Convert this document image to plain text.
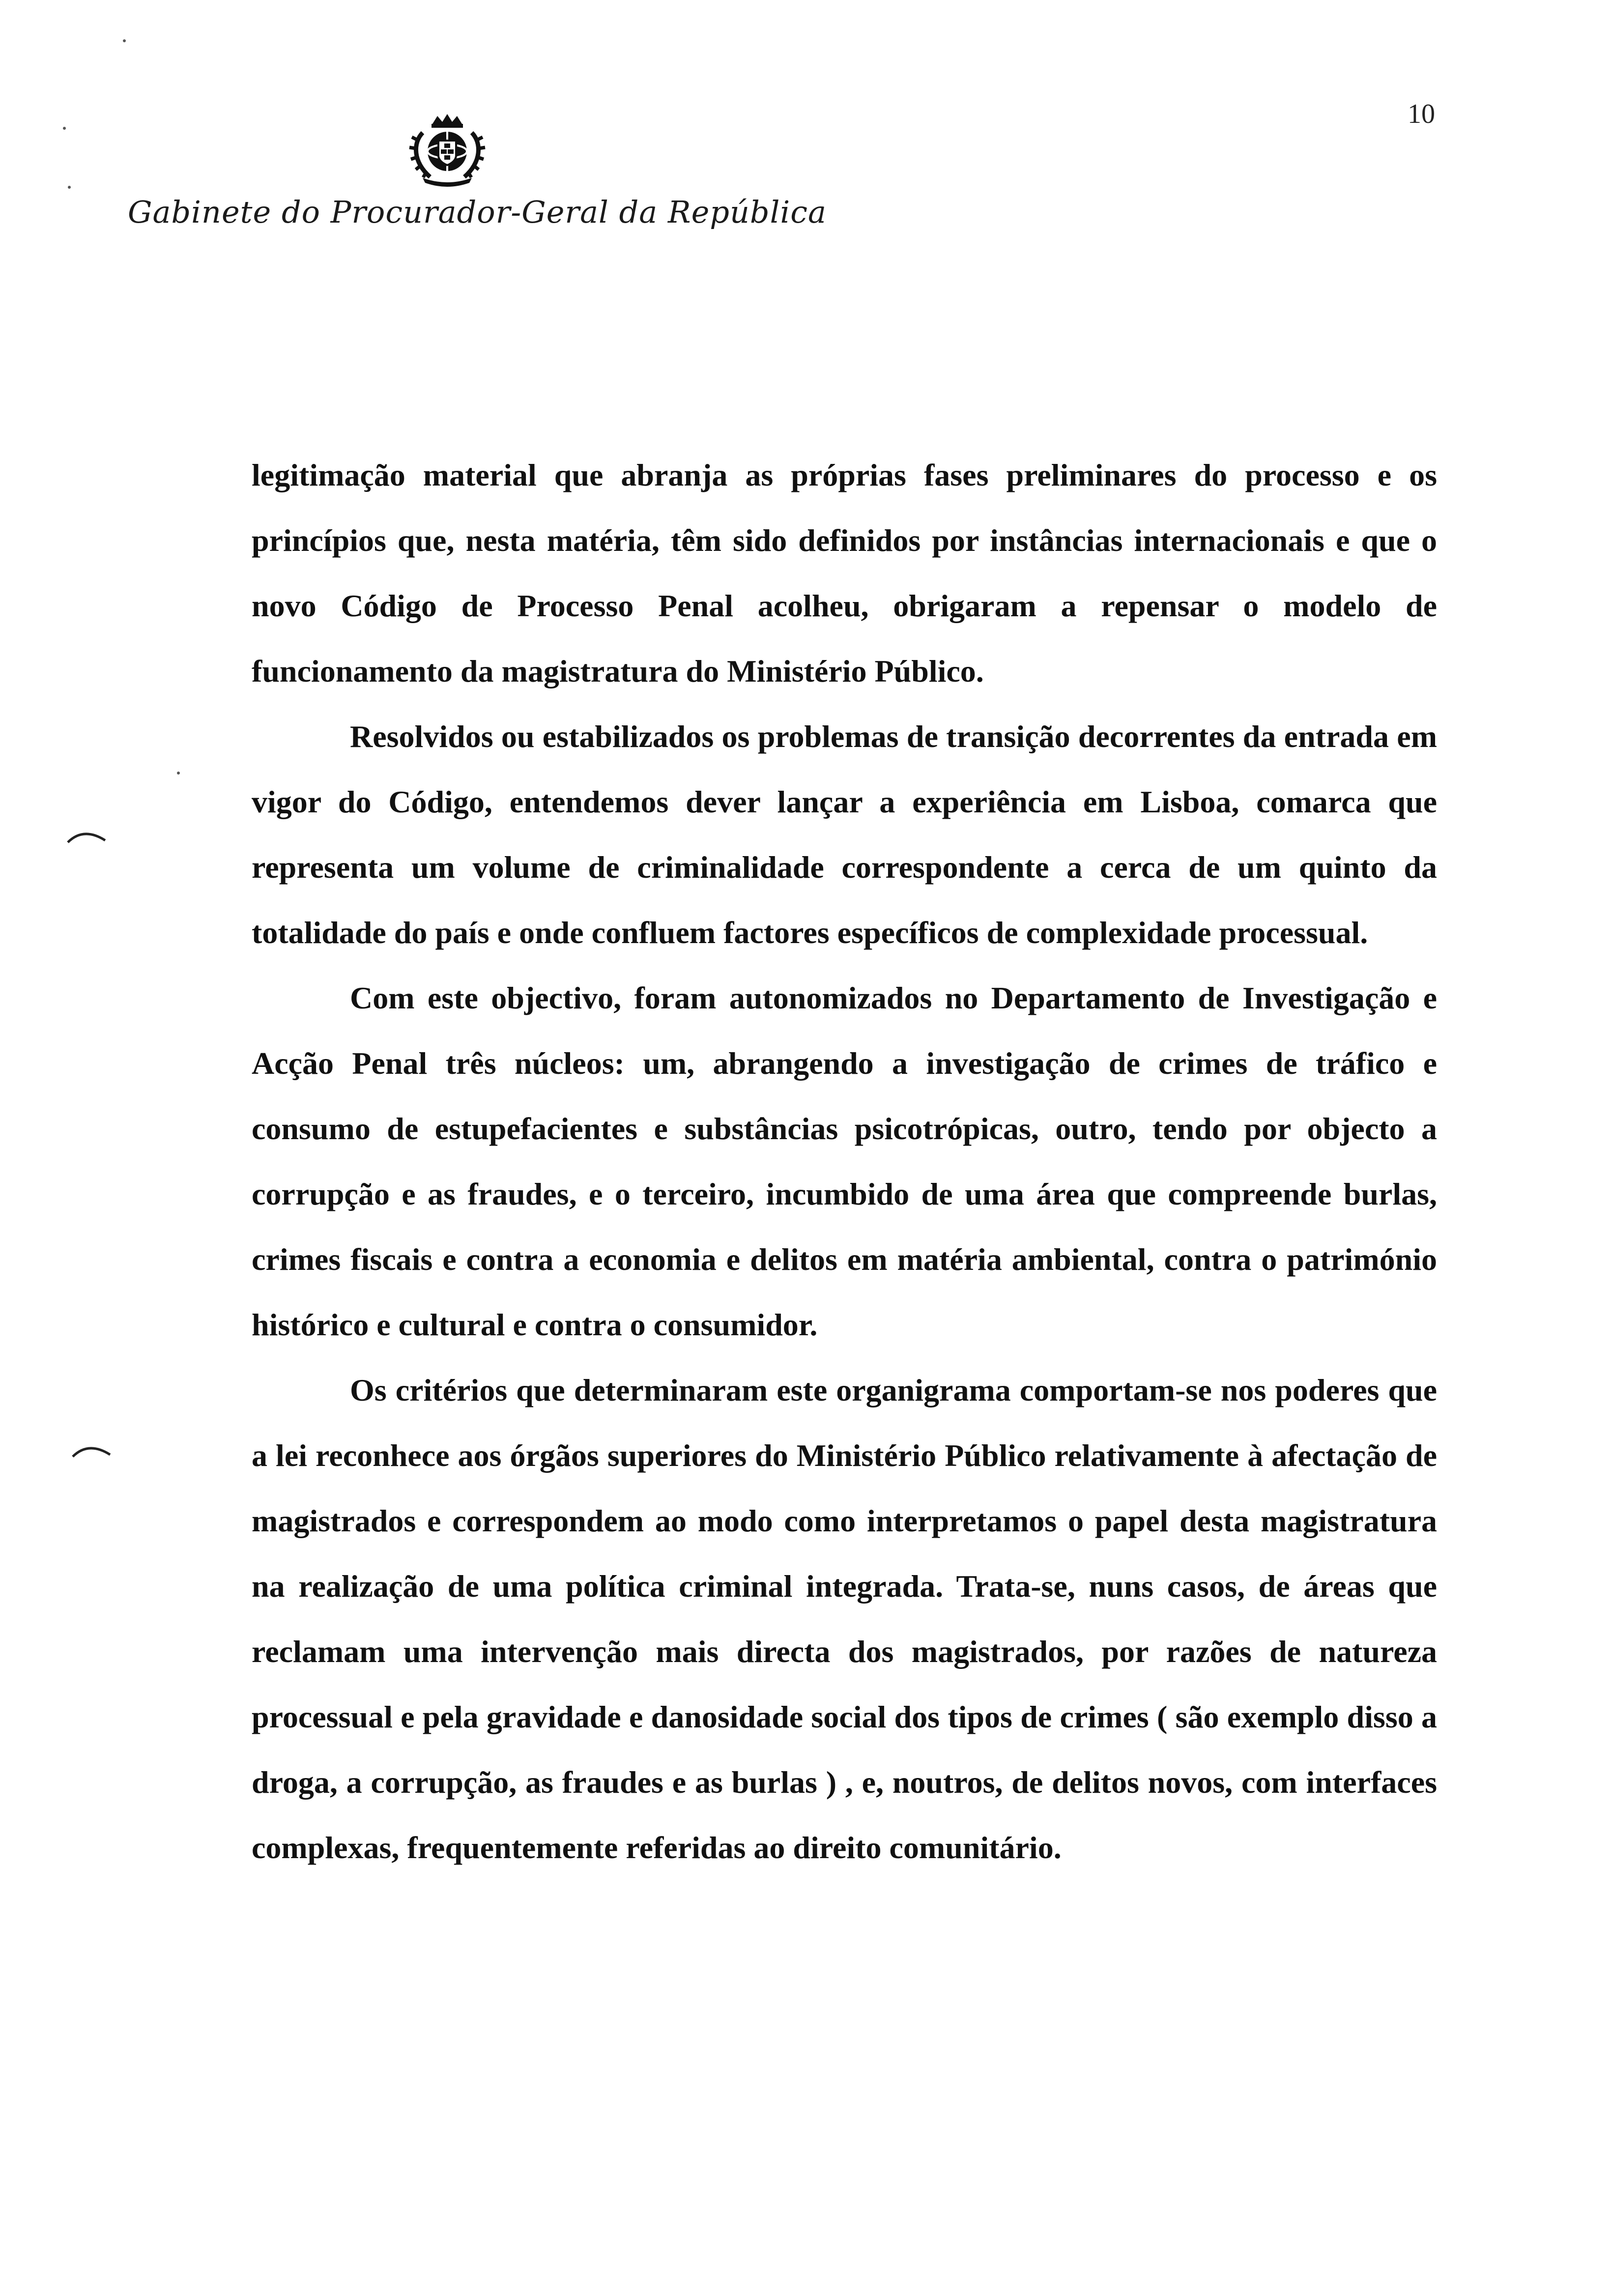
10
Gabinete do Procurador-Geral da República

legitimação material que abranja as próprias fases preliminares do processo e os princípios que, nesta matéria, têm sido definidos por instâncias internacionais e que o novo Código de Processo Penal acolheu, obrigaram a repensar o modelo de funcionamento da magistratura do Ministério Público.

Resolvidos ou estabilizados os problemas de transição decorrentes da entrada em vigor do Código, entendemos dever lançar a experiência em Lisboa, comarca que representa um volume de criminalidade correspondente a cerca de um quinto da totalidade do país e onde confluem factores específicos de complexidade processual.

Com este objectivo, foram autonomizados no Departamento de Investigação e Acção Penal três núcleos: um, abrangendo a investigação de crimes de tráfico e consumo de estupefacientes e substâncias psicotrópicas, outro, tendo por objecto a corrupção e as fraudes, e o terceiro, incumbido de uma área que compreende burlas, crimes fiscais e contra a economia e delitos em matéria ambiental, contra o património histórico e cultural e contra o consumidor.

Os critérios que determinaram este organigrama comportam-se nos poderes que a lei reconhece aos órgãos superiores do Ministério Público relativamente à afectação de magistrados e correspondem ao modo como interpretamos o papel desta magistratura na realização de uma política criminal integrada. Trata-se, nuns casos, de áreas que reclamam uma intervenção mais directa dos magistrados, por razões de natureza processual e pela gravidade e danosidade social dos tipos de crimes ( são exemplo disso a droga, a corrupção, as fraudes e as burlas ) , e, noutros, de delitos novos, com interfaces complexas, frequentemente referidas ao direito comunitário.
